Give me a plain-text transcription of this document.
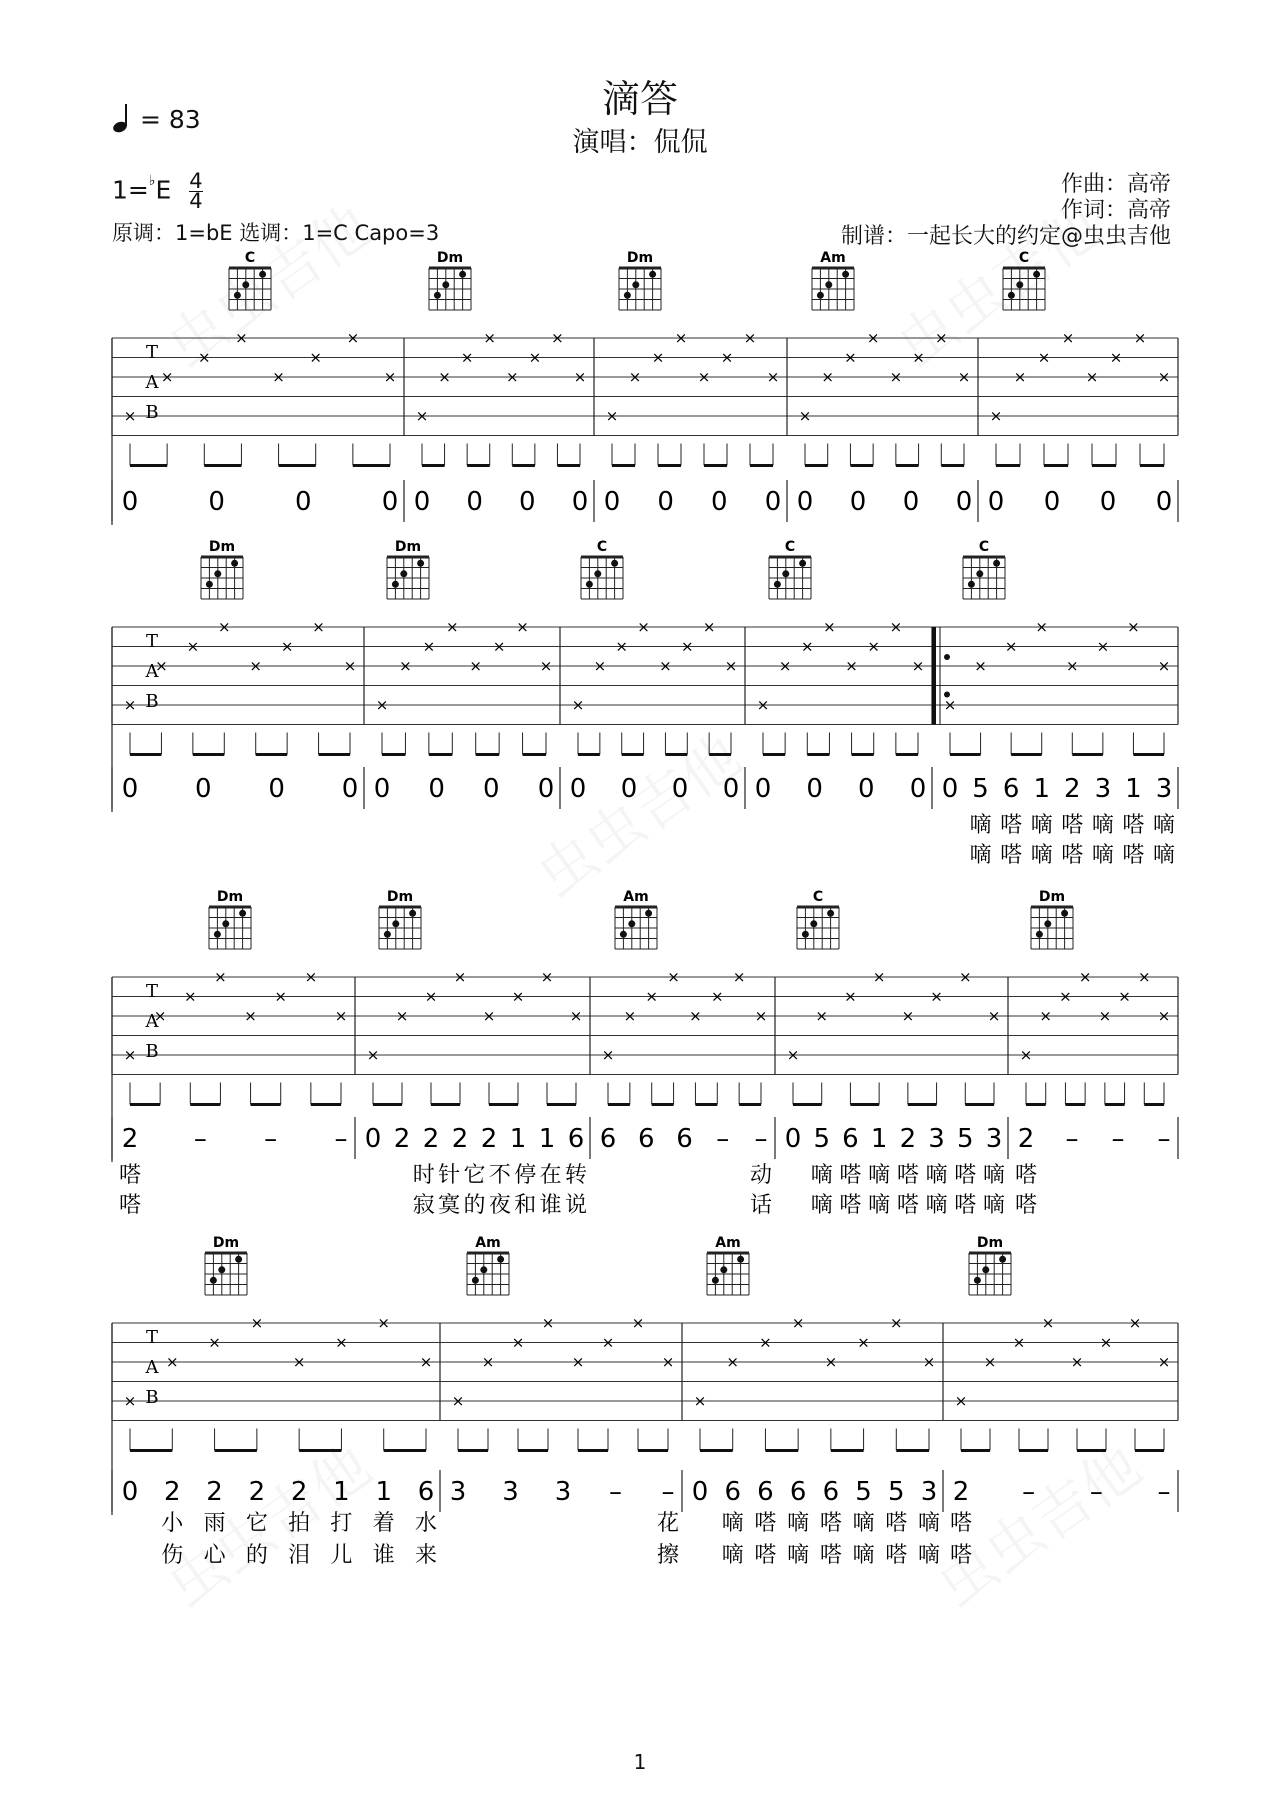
滴答
演唱：侃侃
= 83
$1=^♭E \frac{4}{4}$
原调：1=bE 选调：1=C Capo=3
作曲：高帝
作词：高帝
制谱：一起长大的约定@虫虫吉他
C	Dm	Dm	Am	C
T
A
B
×
×
×
×
×
×
×
×
0	0	0	0
×
×
×
×
×
×
×
×
0 0 0 0
×
×
×
×
×
×
×
×
0 0 0 0
×
×
×
×
×
×
×
×
0 0 0 0
×
×
×
×
×
×
×
×
0 0 0 0
Dm	Dm	C	C	C
T
A
B
×
×
×
×
×
×
×
×
0 0 0 0
×
×
×
×
×
×
×
×
0 0 0 0
×
×
×
×
×
×
×
×
0 0 0 0
×
×
×
×
×
×
×
×
0 0 0 0
×
×
×
×
×
×
×
×
0 5 6 1 2 3 1 3
嘀 嗒 嘀 嗒 嘀 嗒 嘀
嘀 嗒 嘀 嗒 嘀 嗒 嘀
Dm	Dm	Am	C	Dm
T
A
B
×
×
×
×
×
×
×
×
2 – – –
嗒
嗒
×
×
×
×
×
×
×
×
0 2 2 2 2 1 1 6
时 针 它 不 停 在 转
寂 寞 的 夜 和 谁 说
×
×
×
×
×
×
×
×
6 6 6 – –
动
话
×
×
×
×
×
×
×
×
0 5 6 1 2 3 5 3
嘀 嗒 嘀 嗒 嘀 嗒 嘀
嘀 嗒 嘀 嗒 嘀 嗒 嘀
×
×
×
×
×
×
×
×
2 – – –
嗒
嗒
Dm	Am	Am	Dm
T
A
B
×
×
×
×
×
×
×
×
0 2 2 2 2 1 1 6
小 雨 它 拍 打 着 水
伤 心 的 泪 儿 谁 来
×
×
×
×
×
×
×
×
3 3 3 – –
花
擦
×
×
×
×
×
×
×
×
0 6 6 6 6 5 5 3
嘀 嗒 嘀 嗒 嘀 嗒 嘀
嘀 嗒 嘀 嗒 嘀 嗒 嘀
×
×
×
×
×
×
×
×
2 – – –
嗒
嗒
1
